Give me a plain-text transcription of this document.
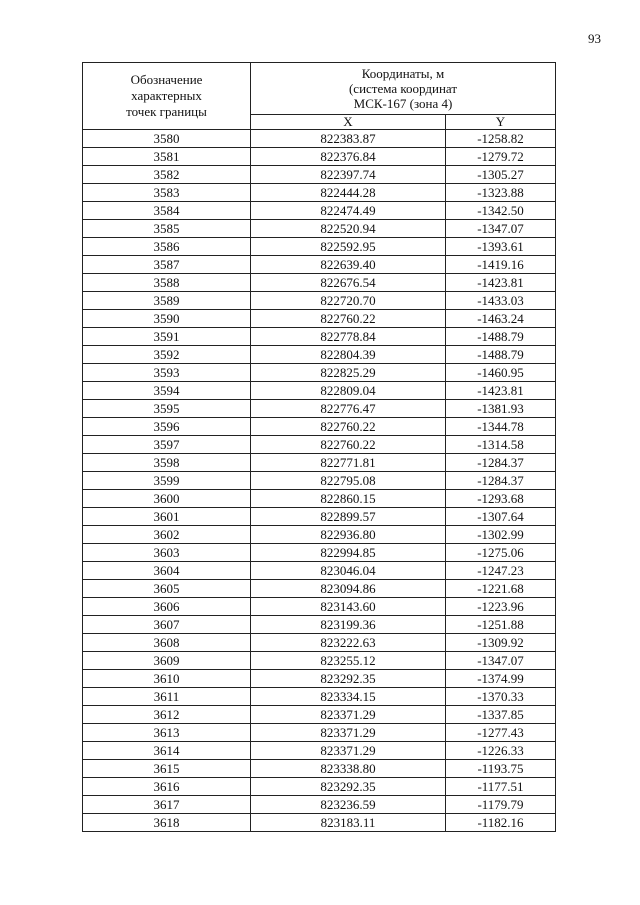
93
Обозначение
характерных
точек границы	Координаты, м
(система координат
МСК-167 (зона 4)	

	X	Y
3580	822383.87	-1258.82
3581	822376.84	-1279.72
3582	822397.74	-1305.27
3583	822444.28	-1323.88
3584	822474.49	-1342.50
3585	822520.94	-1347.07
3586	822592.95	-1393.61
3587	822639.40	-1419.16
3588	822676.54	-1423.81
3589	822720.70	-1433.03
3590	822760.22	-1463.24
3591	822778.84	-1488.79
3592	822804.39	-1488.79
3593	822825.29	-1460.95
3594	822809.04	-1423.81
3595	822776.47	-1381.93
3596	822760.22	-1344.78
3597	822760.22	-1314.58
3598	822771.81	-1284.37
3599	822795.08	-1284.37
3600	822860.15	-1293.68
3601	822899.57	-1307.64
3602	822936.80	-1302.99
3603	822994.85	-1275.06
3604	823046.04	-1247.23
3605	823094.86	-1221.68
3606	823143.60	-1223.96
3607	823199.36	-1251.88
3608	823222.63	-1309.92
3609	823255.12	-1347.07
3610	823292.35	-1374.99
3611	823334.15	-1370.33
3612	823371.29	-1337.85
3613	823371.29	-1277.43
3614	823371.29	-1226.33
3615	823338.80	-1193.75
3616	823292.35	-1177.51
3617	823236.59	-1179.79
3618	823183.11	-1182.16
